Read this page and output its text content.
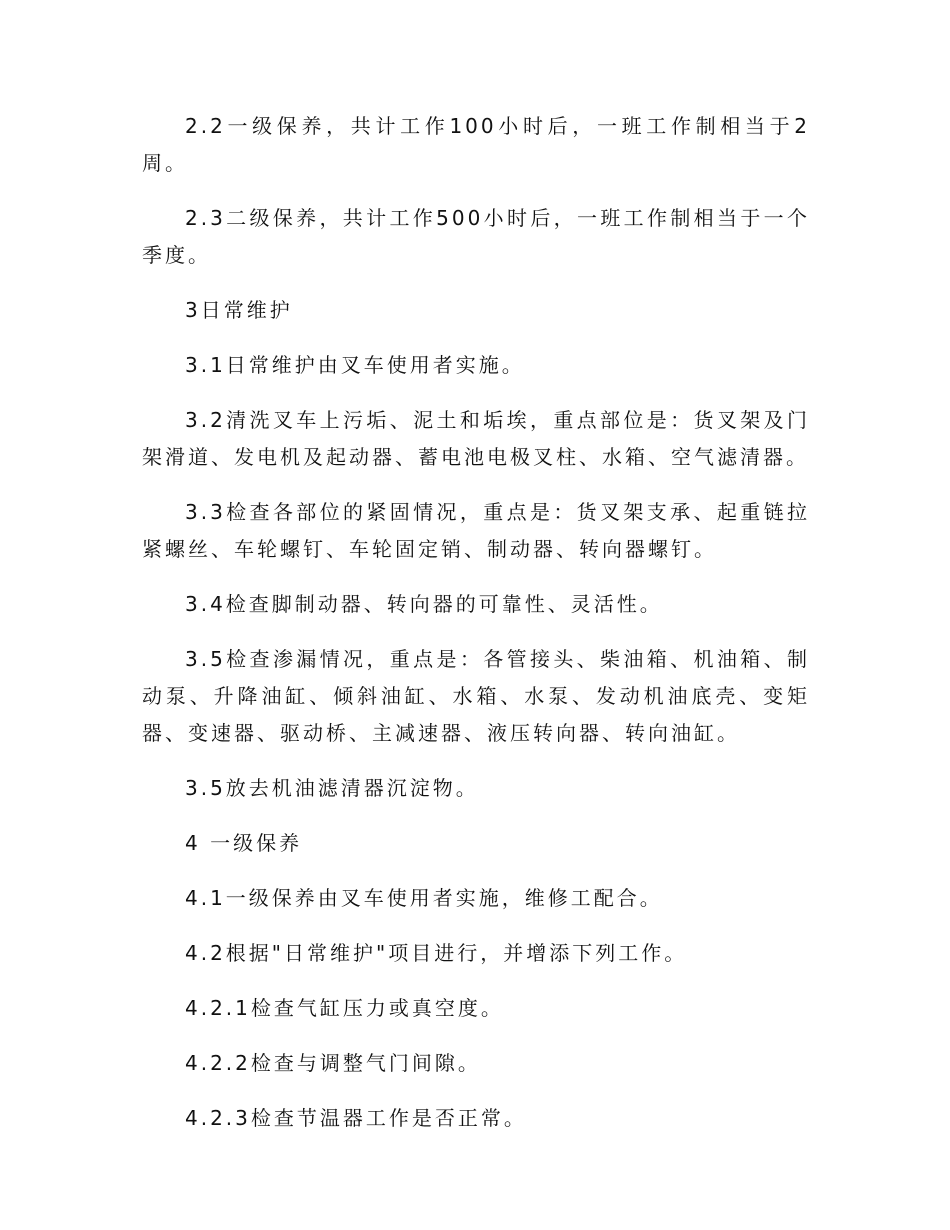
2.2一级保养，共计工作100小时后，一班工作制相当于2周。

2.3二级保养，共计工作500小时后，一班工作制相当于一个季度。

3日常维护

3.1日常维护由叉车使用者实施。

3.2清洗叉车上污垢、泥土和垢埃，重点部位是：货叉架及门架滑道、发电机及起动器、蓄电池电极叉柱、水箱、空气滤清器。

3.3检查各部位的紧固情况，重点是：货叉架支承、起重链拉紧螺丝、车轮螺钉、车轮固定销、制动器、转向器螺钉。

3.4检查脚制动器、转向器的可靠性、灵活性。

3.5检查渗漏情况，重点是：各管接头、柴油箱、机油箱、制动泵、升降油缸、倾斜油缸、水箱、水泵、发动机油底壳、变矩器、变速器、驱动桥、主减速器、液压转向器、转向油缸。

3.5放去机油滤清器沉淀物。

4 一级保养

4.1一级保养由叉车使用者实施，维修工配合。

4.2根据"日常维护"项目进行，并增添下列工作。

4.2.1检查气缸压力或真空度。

4.2.2检查与调整气门间隙。

4.2.3检查节温器工作是否正常。
